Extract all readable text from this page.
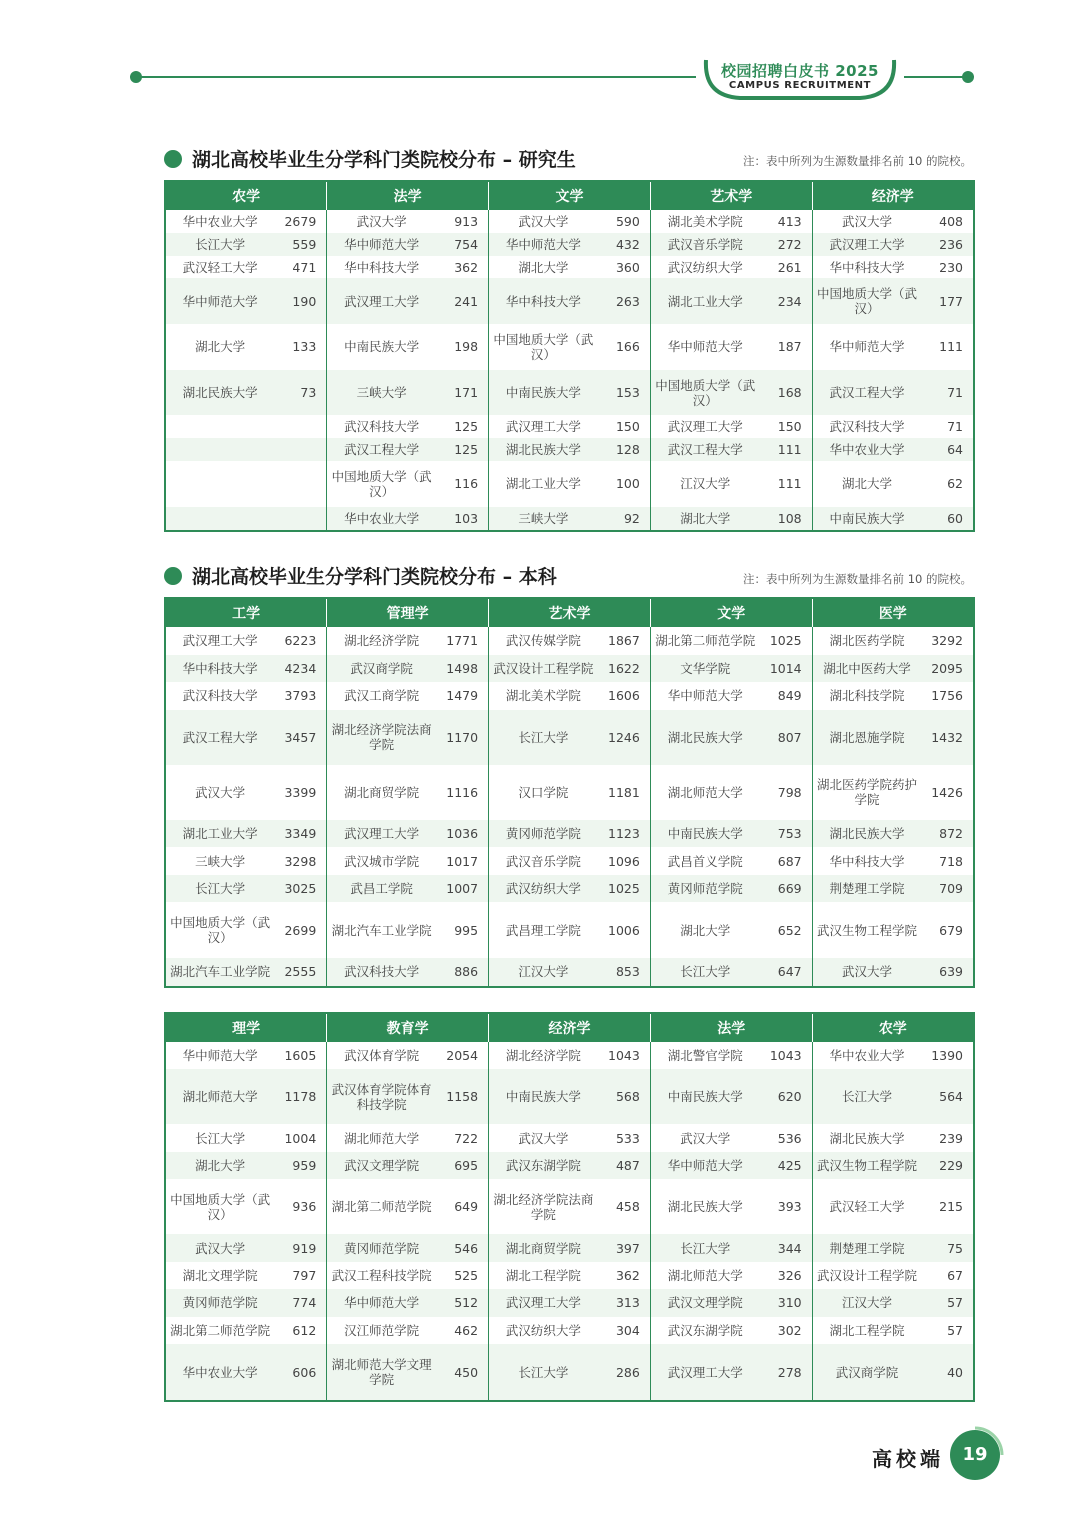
校园招聘白皮书 2025
CAMPUS RECRUITMENT
湖北高校毕业生分学科门类院校分布 – 研究生	注：表中所列为生源数量排名前 10 的院校。
农学		法学		文学		艺术学		经济学	
华中农业大学	2679	武汉大学	913	武汉大学	590	湖北美术学院	413	武汉大学	408
长江大学	559	华中师范大学	754	华中师范大学	432	武汉音乐学院	272	武汉理工大学	236
武汉轻工大学	471	华中科技大学	362	湖北大学	360	武汉纺织大学	261	华中科技大学	230
华中师范大学	190	武汉理工大学	241	华中科技大学	263	湖北工业大学	234	中国地质大学（武汉）	177
湖北大学	133	中南民族大学	198	中国地质大学（武汉）	166	华中师范大学	187	华中师范大学	111
湖北民族大学	73	三峡大学	171	中南民族大学	153	中国地质大学（武汉）	168	武汉工程大学	71
		武汉科技大学	125	武汉理工大学	150	武汉理工大学	150	武汉科技大学	71
		武汉工程大学	125	湖北民族大学	128	武汉工程大学	111	华中农业大学	64
		中国地质大学（武汉）	116	湖北工业大学	100	江汉大学	111	湖北大学	62
		华中农业大学	103	三峡大学	92	湖北大学	108	中南民族大学	60
湖北高校毕业生分学科门类院校分布 – 本科	注：表中所列为生源数量排名前 10 的院校。
工学		管理学		艺术学		文学		医学	
武汉理工大学	6223	湖北经济学院	1771	武汉传媒学院	1867	湖北第二师范学院	1025	湖北医药学院	3292
华中科技大学	4234	武汉商学院	1498	武汉设计工程学院	1622	文华学院	1014	湖北中医药大学	2095
武汉科技大学	3793	武汉工商学院	1479	湖北美术学院	1606	华中师范大学	849	湖北科技学院	1756
武汉工程大学	3457	湖北经济学院法商学院	1170	长江大学	1246	湖北民族大学	807	湖北恩施学院	1432
武汉大学	3399	湖北商贸学院	1116	汉口学院	1181	湖北师范大学	798	湖北医药学院药护学院	1426
湖北工业大学	3349	武汉理工大学	1036	黄冈师范学院	1123	中南民族大学	753	湖北民族大学	872
三峡大学	3298	武汉城市学院	1017	武汉音乐学院	1096	武昌首义学院	687	华中科技大学	718
长江大学	3025	武昌工学院	1007	武汉纺织大学	1025	黄冈师范学院	669	荆楚理工学院	709
中国地质大学（武汉）	2699	湖北汽车工业学院	995	武昌理工学院	1006	湖北大学	652	武汉生物工程学院	679
湖北汽车工业学院	2555	武汉科技大学	886	江汉大学	853	长江大学	647	武汉大学	639
理学		教育学		经济学		法学		农学	
华中师范大学	1605	武汉体育学院	2054	湖北经济学院	1043	湖北警官学院	1043	华中农业大学	1390
湖北师范大学	1178	武汉体育学院体育科技学院	1158	中南民族大学	568	中南民族大学	620	长江大学	564
长江大学	1004	湖北师范大学	722	武汉大学	533	武汉大学	536	湖北民族大学	239
湖北大学	959	武汉文理学院	695	武汉东湖学院	487	华中师范大学	425	武汉生物工程学院	229
中国地质大学（武汉）	936	湖北第二师范学院	649	湖北经济学院法商学院	458	湖北民族大学	393	武汉轻工大学	215
武汉大学	919	黄冈师范学院	546	湖北商贸学院	397	长江大学	344	荆楚理工学院	75
湖北文理学院	797	武汉工程科技学院	525	湖北工程学院	362	湖北师范大学	326	武汉设计工程学院	67
黄冈师范学院	774	华中师范大学	512	武汉理工大学	313	武汉文理学院	310	江汉大学	57
湖北第二师范学院	612	汉江师范学院	462	武汉纺织大学	304	武汉东湖学院	302	湖北工程学院	57
华中农业大学	606	湖北师范大学文理学院	450	长江大学	286	武汉理工大学	278	武汉商学院	40
高校端	19
